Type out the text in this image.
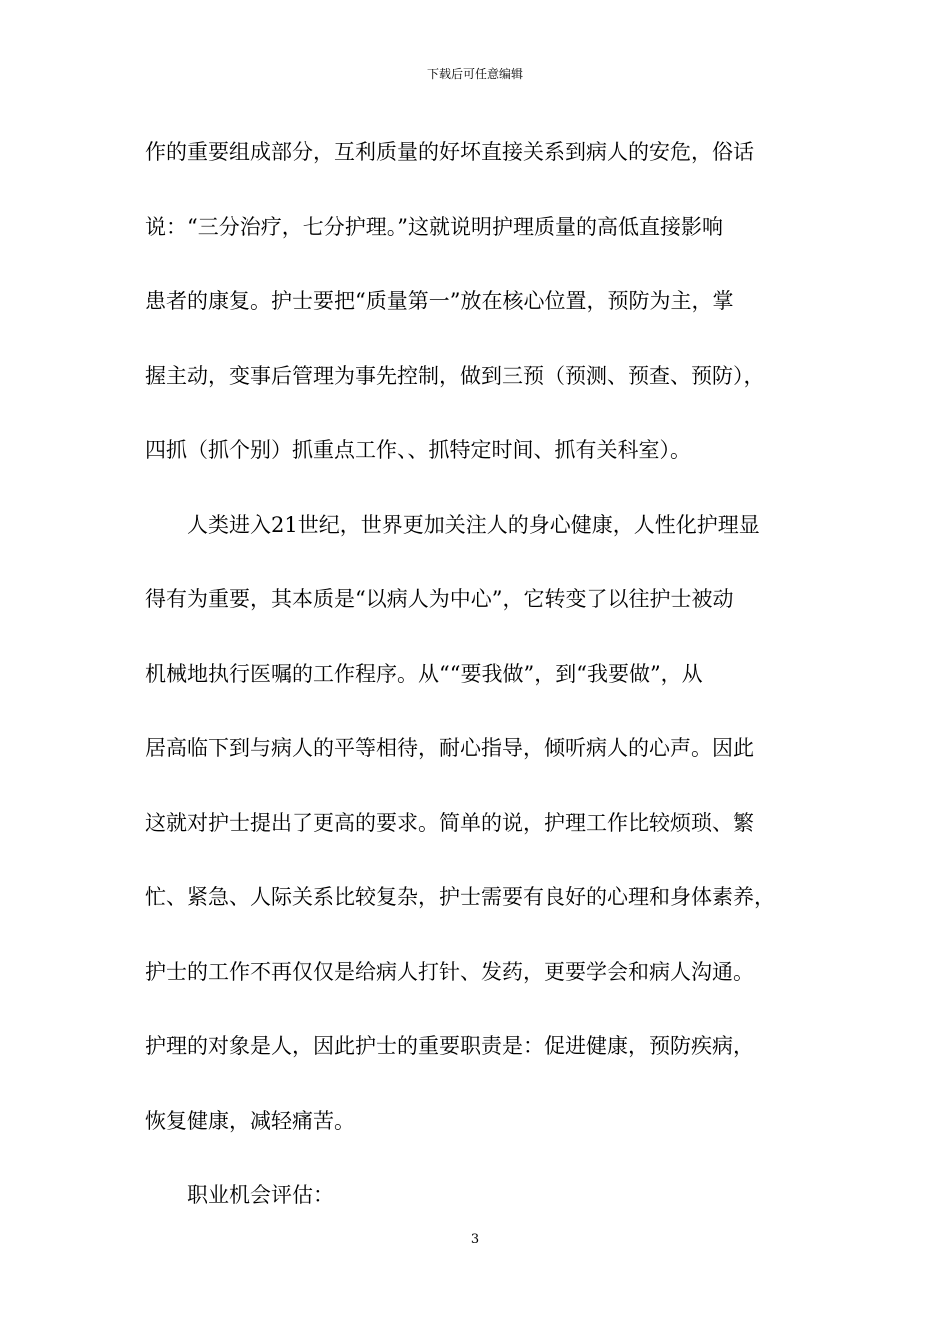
下载后可任意编辑
作的重要组成部分，互利质量的好坏直接关系到病人的安危，俗话
说：“三分治疗，七分护理。”这就说明护理质量的高低直接影响
患者的康复。护士要把“质量第一”放在核心位置，预防为主，掌
握主动，变事后管理为事先控制，做到三预（预测、预查、预防），
四抓（抓个别）抓重点工作、、抓特定时间、抓有关科室）。
人类进入21世纪，世界更加关注人的身心健康，人性化护理显
得有为重要，其本质是“以病人为中心”，它转变了以往护士被动
机械地执行医嘱的工作程序。从““要我做”，到“我要做”，从
居高临下到与病人的平等相待，耐心指导，倾听病人的心声。因此
这就对护士提出了更高的要求。简单的说，护理工作比较烦琐、繁
忙、紧急、人际关系比较复杂，护士需要有良好的心理和身体素养，
护士的工作不再仅仅是给病人打针、发药，更要学会和病人沟通。
护理的对象是人，因此护士的重要职责是：促进健康，预防疾病，
恢复健康，减轻痛苦。
职业机会评估：
3
